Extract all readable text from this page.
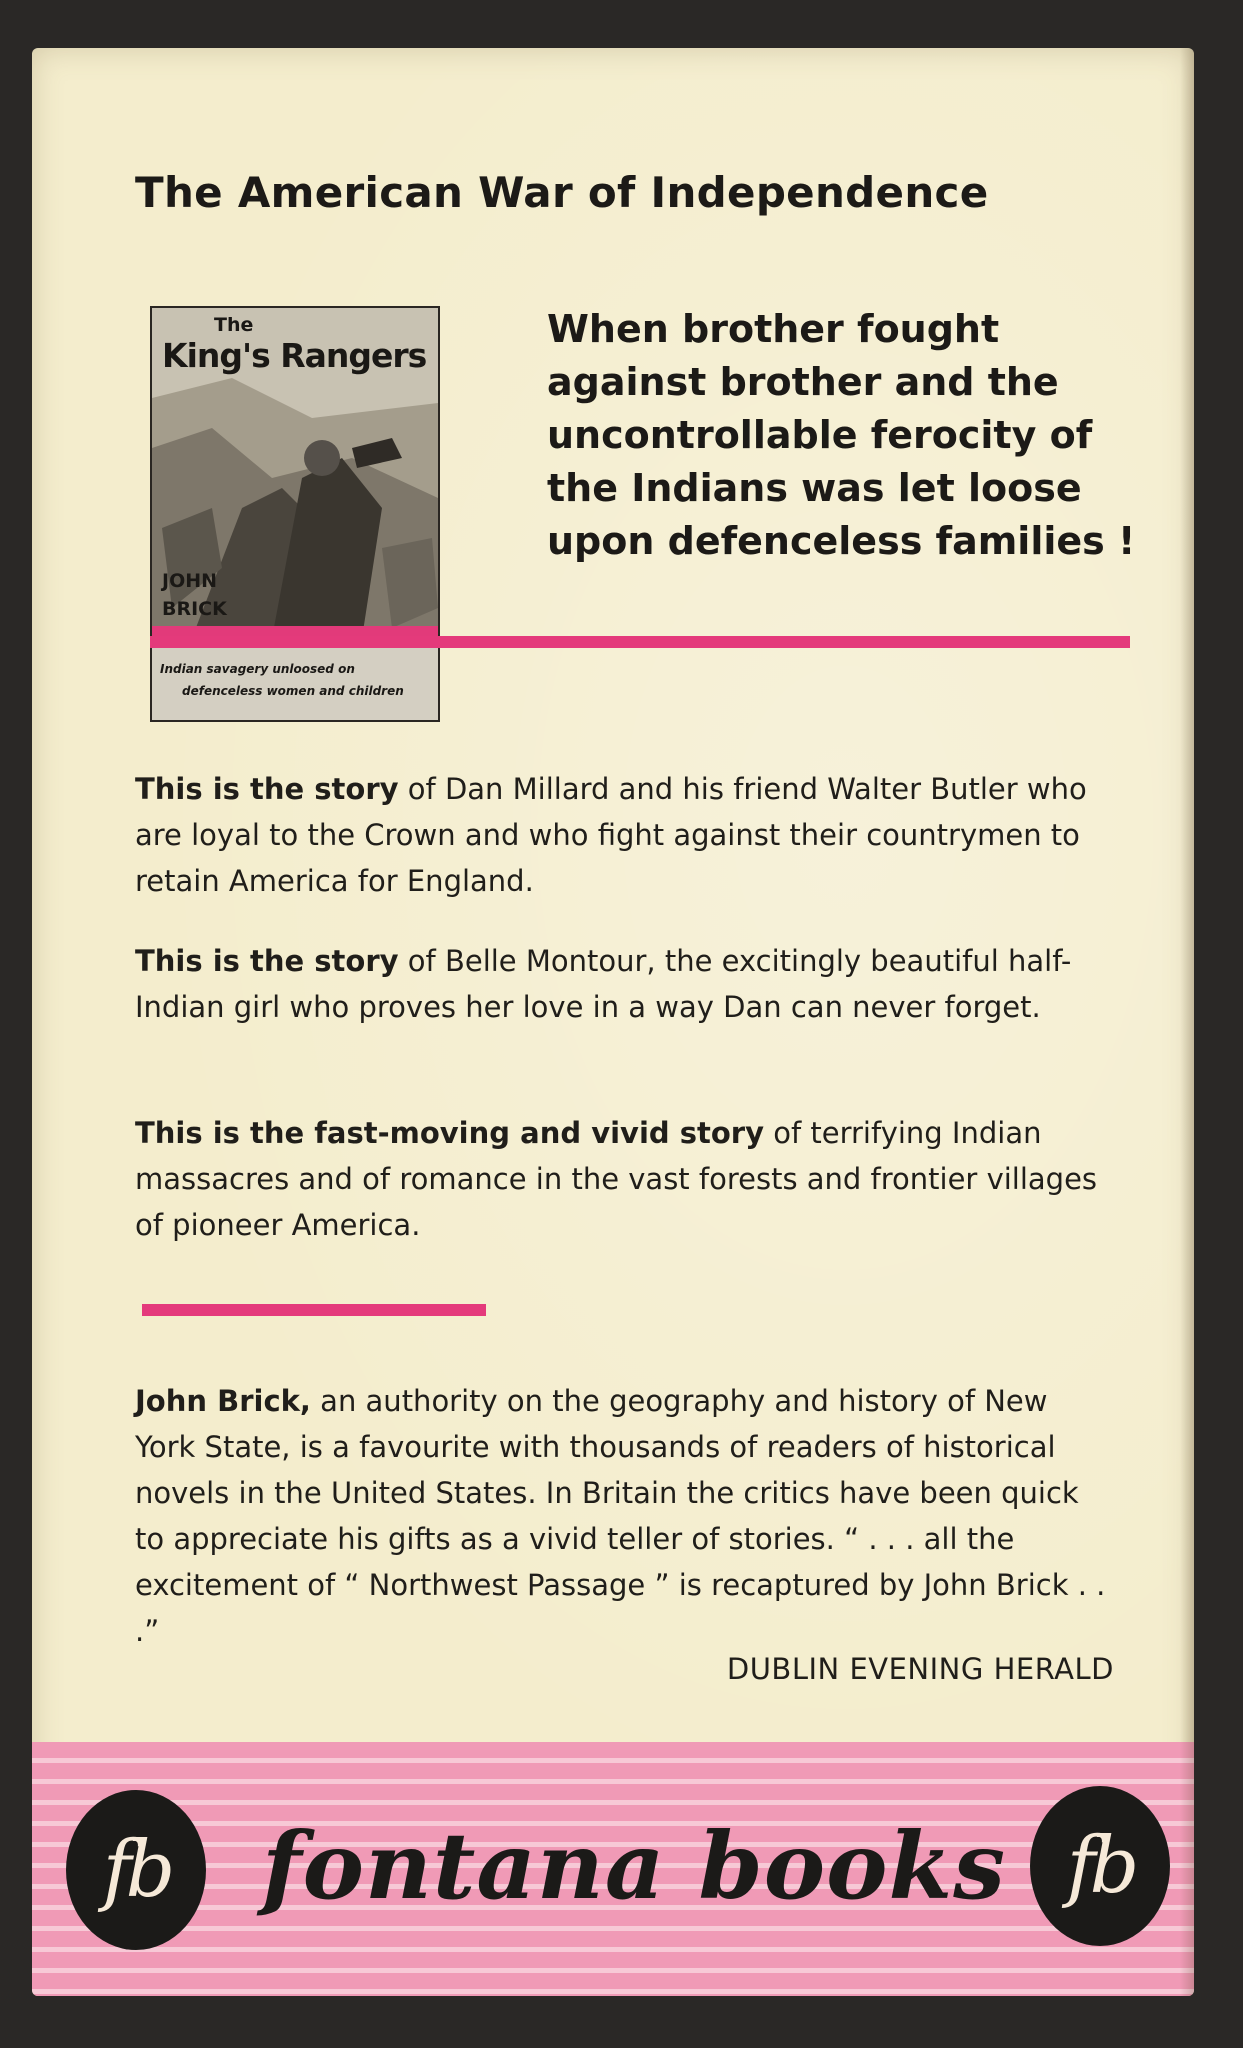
The American War of Independence
The
King's Rangers
JOHN
BRICK
Indian savagery unloosed on
defenceless women and children
When brother fought against brother and the uncontrollable ferocity of the Indians was let loose upon defenceless families !
This is the story of Dan Millard and his friend Walter Butler who are loyal to the Crown and who fight against their countrymen to retain America for England.
This is the story of Belle Montour, the excitingly beautiful half-Indian girl who proves her love in a way Dan can never forget.
This is the fast-moving and vivid story of terrifying Indian massacres and of romance in the vast forests and frontier villages of pioneer America.
John Brick, an authority on the geography and history of New York State, is a favourite with thousands of readers of historical novels in the United States. In Britain the critics have been quick to appreciate his gifts as a vivid teller of stories. “ . . . all the excitement of “ Northwest Passage ” is recaptured by John Brick . . .”
DUBLIN EVENING HERALD
fb	fontana books fb
